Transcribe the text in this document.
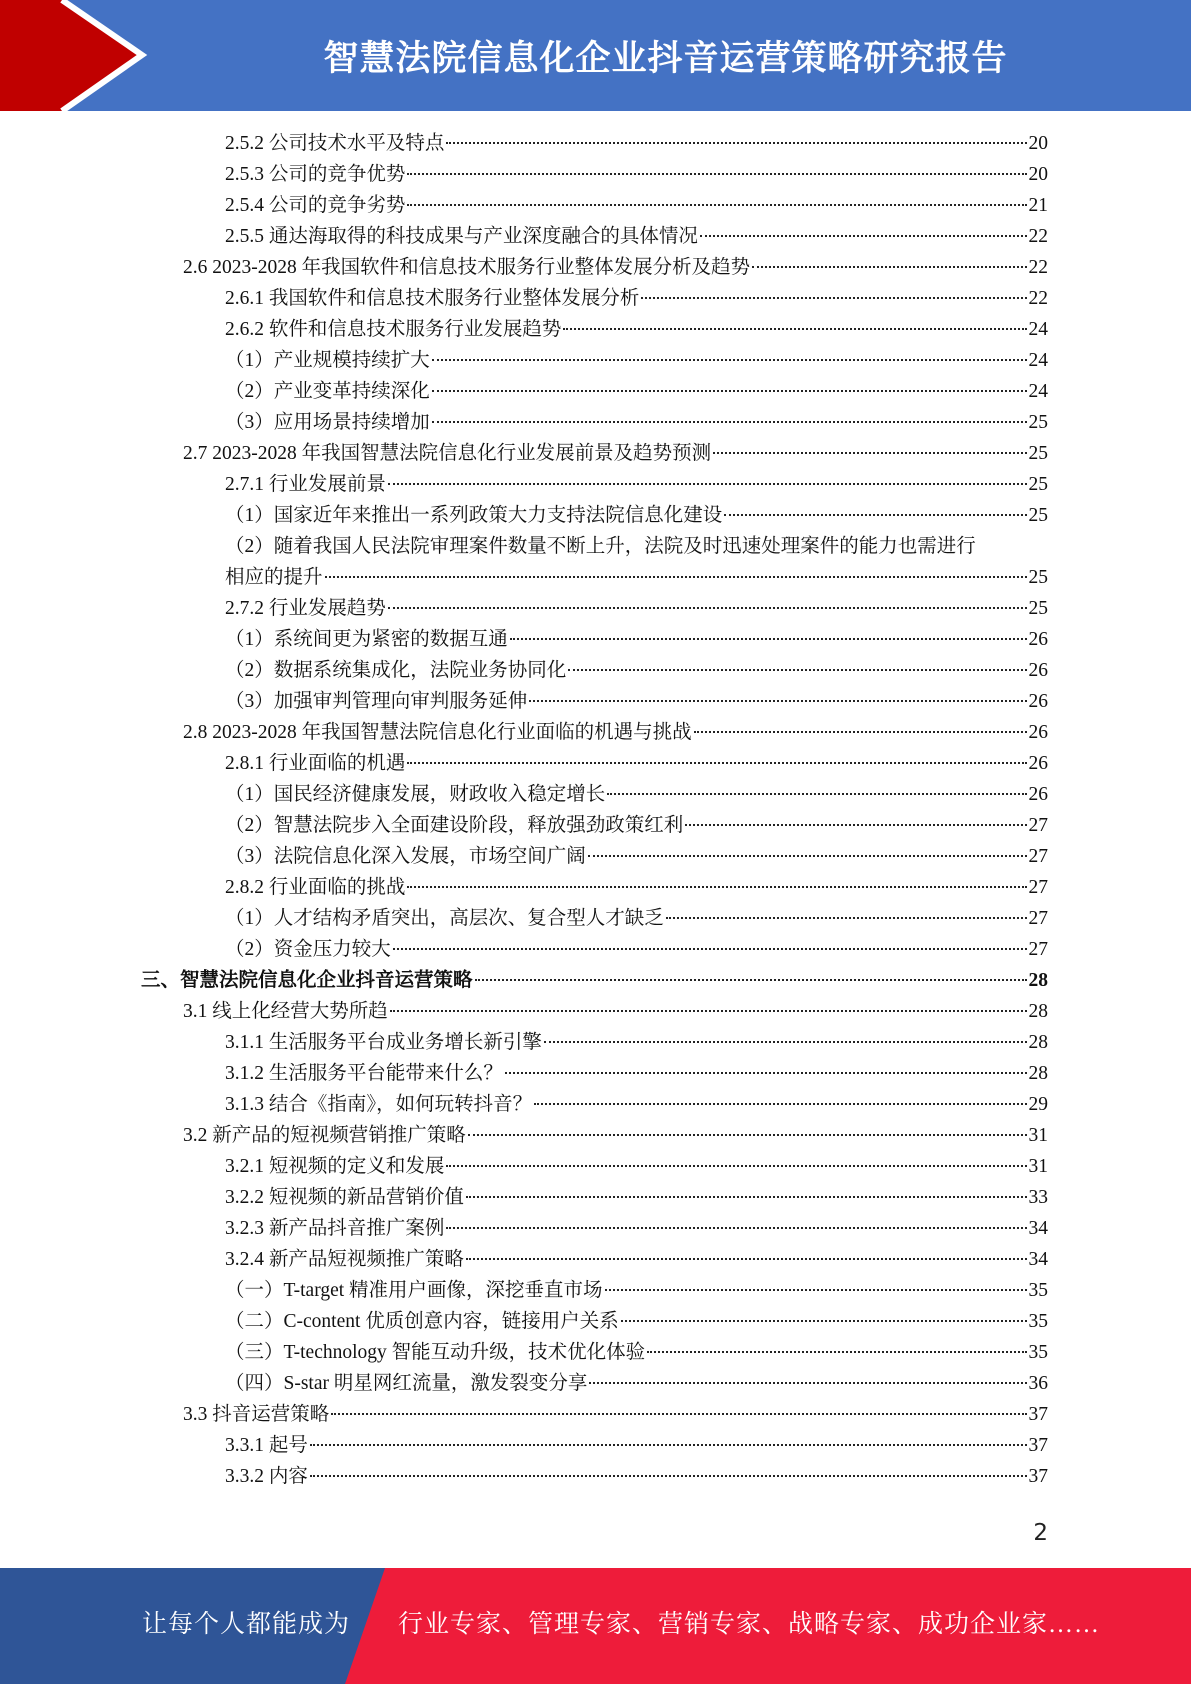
智慧法院信息化企业抖音运营策略研究报告
2.5.2 公司技术水平及特点	20
2.5.3 公司的竞争优势	20
2.5.4 公司的竞争劣势	21
2.5.5 通达海取得的科技成果与产业深度融合的具体情况	22
2.6 2023-2028 年我国软件和信息技术服务行业整体发展分析及趋势	22
2.6.1 我国软件和信息技术服务行业整体发展分析	22
2.6.2 软件和信息技术服务行业发展趋势	24
（1）产业规模持续扩大	24
（2）产业变革持续深化	24
（3）应用场景持续增加	25
2.7 2023-2028 年我国智慧法院信息化行业发展前景及趋势预测	25
2.7.1 行业发展前景	25
（1）国家近年来推出一系列政策大力支持法院信息化建设	25
（2）随着我国人民法院审理案件数量不断上升，法院及时迅速处理案件的能力也需进行
相应的提升	25
2.7.2 行业发展趋势	25
（1）系统间更为紧密的数据互通	26
（2）数据系统集成化，法院业务协同化	26
（3）加强审判管理向审判服务延伸	26
2.8 2023-2028 年我国智慧法院信息化行业面临的机遇与挑战	26
2.8.1 行业面临的机遇	26
（1）国民经济健康发展，财政收入稳定增长	26
（2）智慧法院步入全面建设阶段，释放强劲政策红利	27
（3）法院信息化深入发展，市场空间广阔	27
2.8.2 行业面临的挑战	27
（1）人才结构矛盾突出，高层次、复合型人才缺乏	27
（2）资金压力较大	27
三、智慧法院信息化企业抖音运营策略	28
3.1 线上化经营大势所趋	28
3.1.1 生活服务平台成业务增长新引擎	28
3.1.2 生活服务平台能带来什么？	28
3.1.3 结合《指南》，如何玩转抖音？	29
3.2 新产品的短视频营销推广策略	31
3.2.1 短视频的定义和发展	31
3.2.2 短视频的新品营销价值	33
3.2.3 新产品抖音推广案例	34
3.2.4 新产品短视频推广策略	34
（一）T-target 精准用户画像，深挖垂直市场	35
（二）C-content 优质创意内容，链接用户关系	35
（三）T-technology 智能互动升级，技术优化体验	35
（四）S-star 明星网红流量，激发裂变分享	36
3.3 抖音运营策略	37
3.3.1 起号	37
3.3.2 内容	37
2
让每个人都能成为 行业专家、管理专家、营销专家、战略专家、成功企业家……
